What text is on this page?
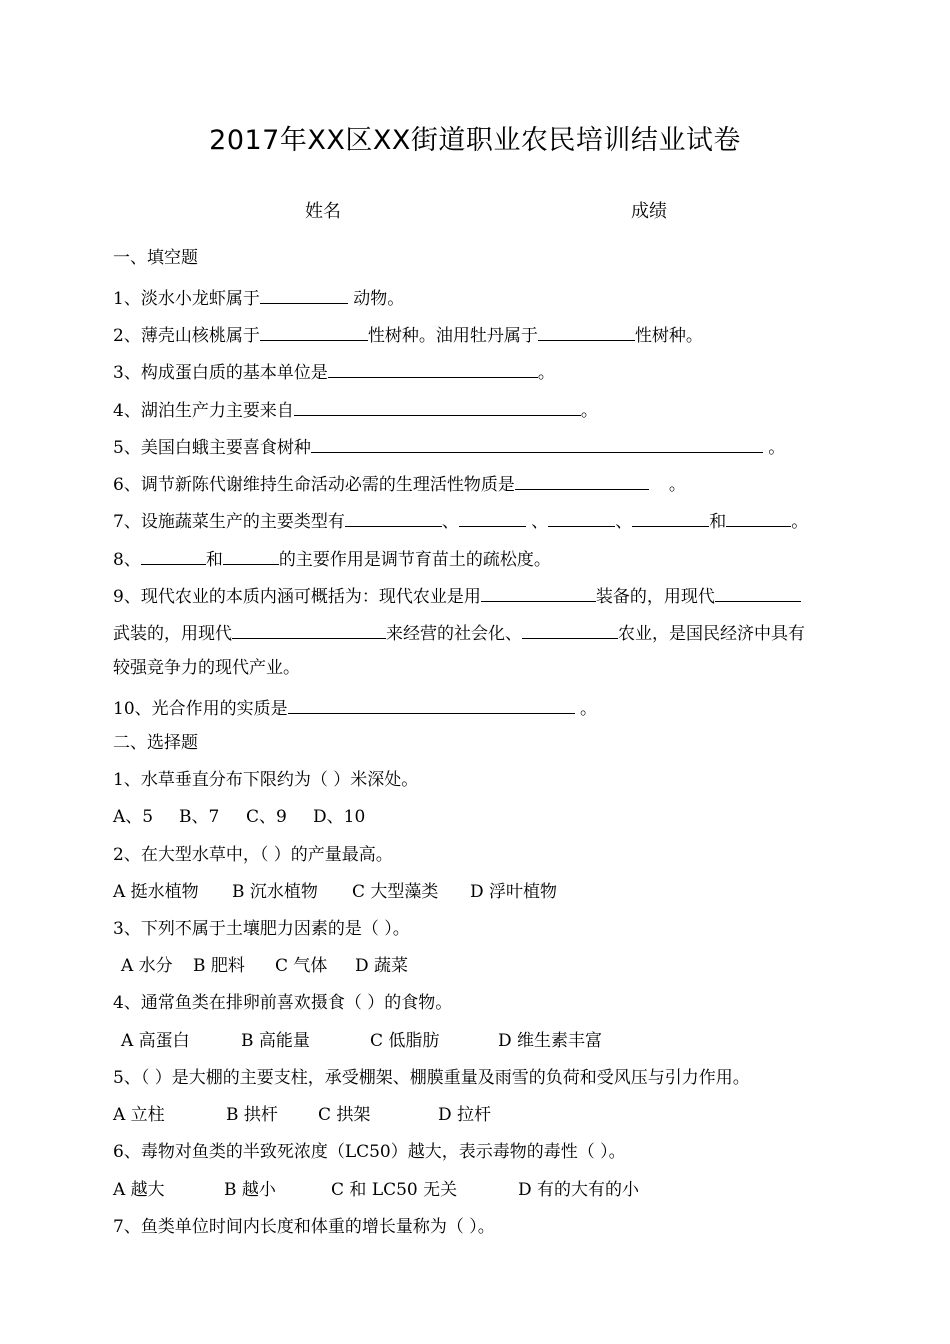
2017年XX区XX街道职业农民培训结业试卷
姓名	成绩
一、填空题
1、淡水小龙虾属于	动物。
2、薄壳山核桃属于	性树种。油用牡丹属于	性树种。
3、构成蛋白质的基本单位是	。
4、湖泊生产力主要来自	。
5、美国白蛾主要喜食树种	。
6、调节新陈代谢维持生命活动必需的生理活性物质是	。
7、设施蔬菜生产的主要类型有	、	、	、	和	。
8、	和	的主要作用是调节育苗土的疏松度。
9、现代农业的本质内涵可概括为：现代农业是用	装备的，用现代
武装的，用现代	来经营的社会化、	农业，是国民经济中具有
较强竞争力的现代产业。
10、光合作用的实质是	。
二、选择题
1、水草垂直分布下限约为（ ）米深处。
A、5 B、7 C、9 D、10
2、在大型水草中，（ ）的产量最高。
A 挺水植物 B 沉水植物 C 大型藻类 D 浮叶植物
3、下列不属于土壤肥力因素的是（ ）。
A 水分 B 肥料 C 气体 D 蔬菜
4、通常鱼类在排卵前喜欢摄食（ ）的食物。
A 高蛋白	B 高能量	C 低脂肪	D 维生素丰富
5、（ ）是大棚的主要支柱，承受棚架、棚膜重量及雨雪的负荷和受风压与引力作用。
A 立柱	B 拱杆 C 拱架	D 拉杆
6、毒物对鱼类的半致死浓度（LC50）越大，表示毒物的毒性（ ）。
A 越大	B 越小	C 和 LC50 无关	D 有的大有的小
7、鱼类单位时间内长度和体重的增长量称为（ ）。
